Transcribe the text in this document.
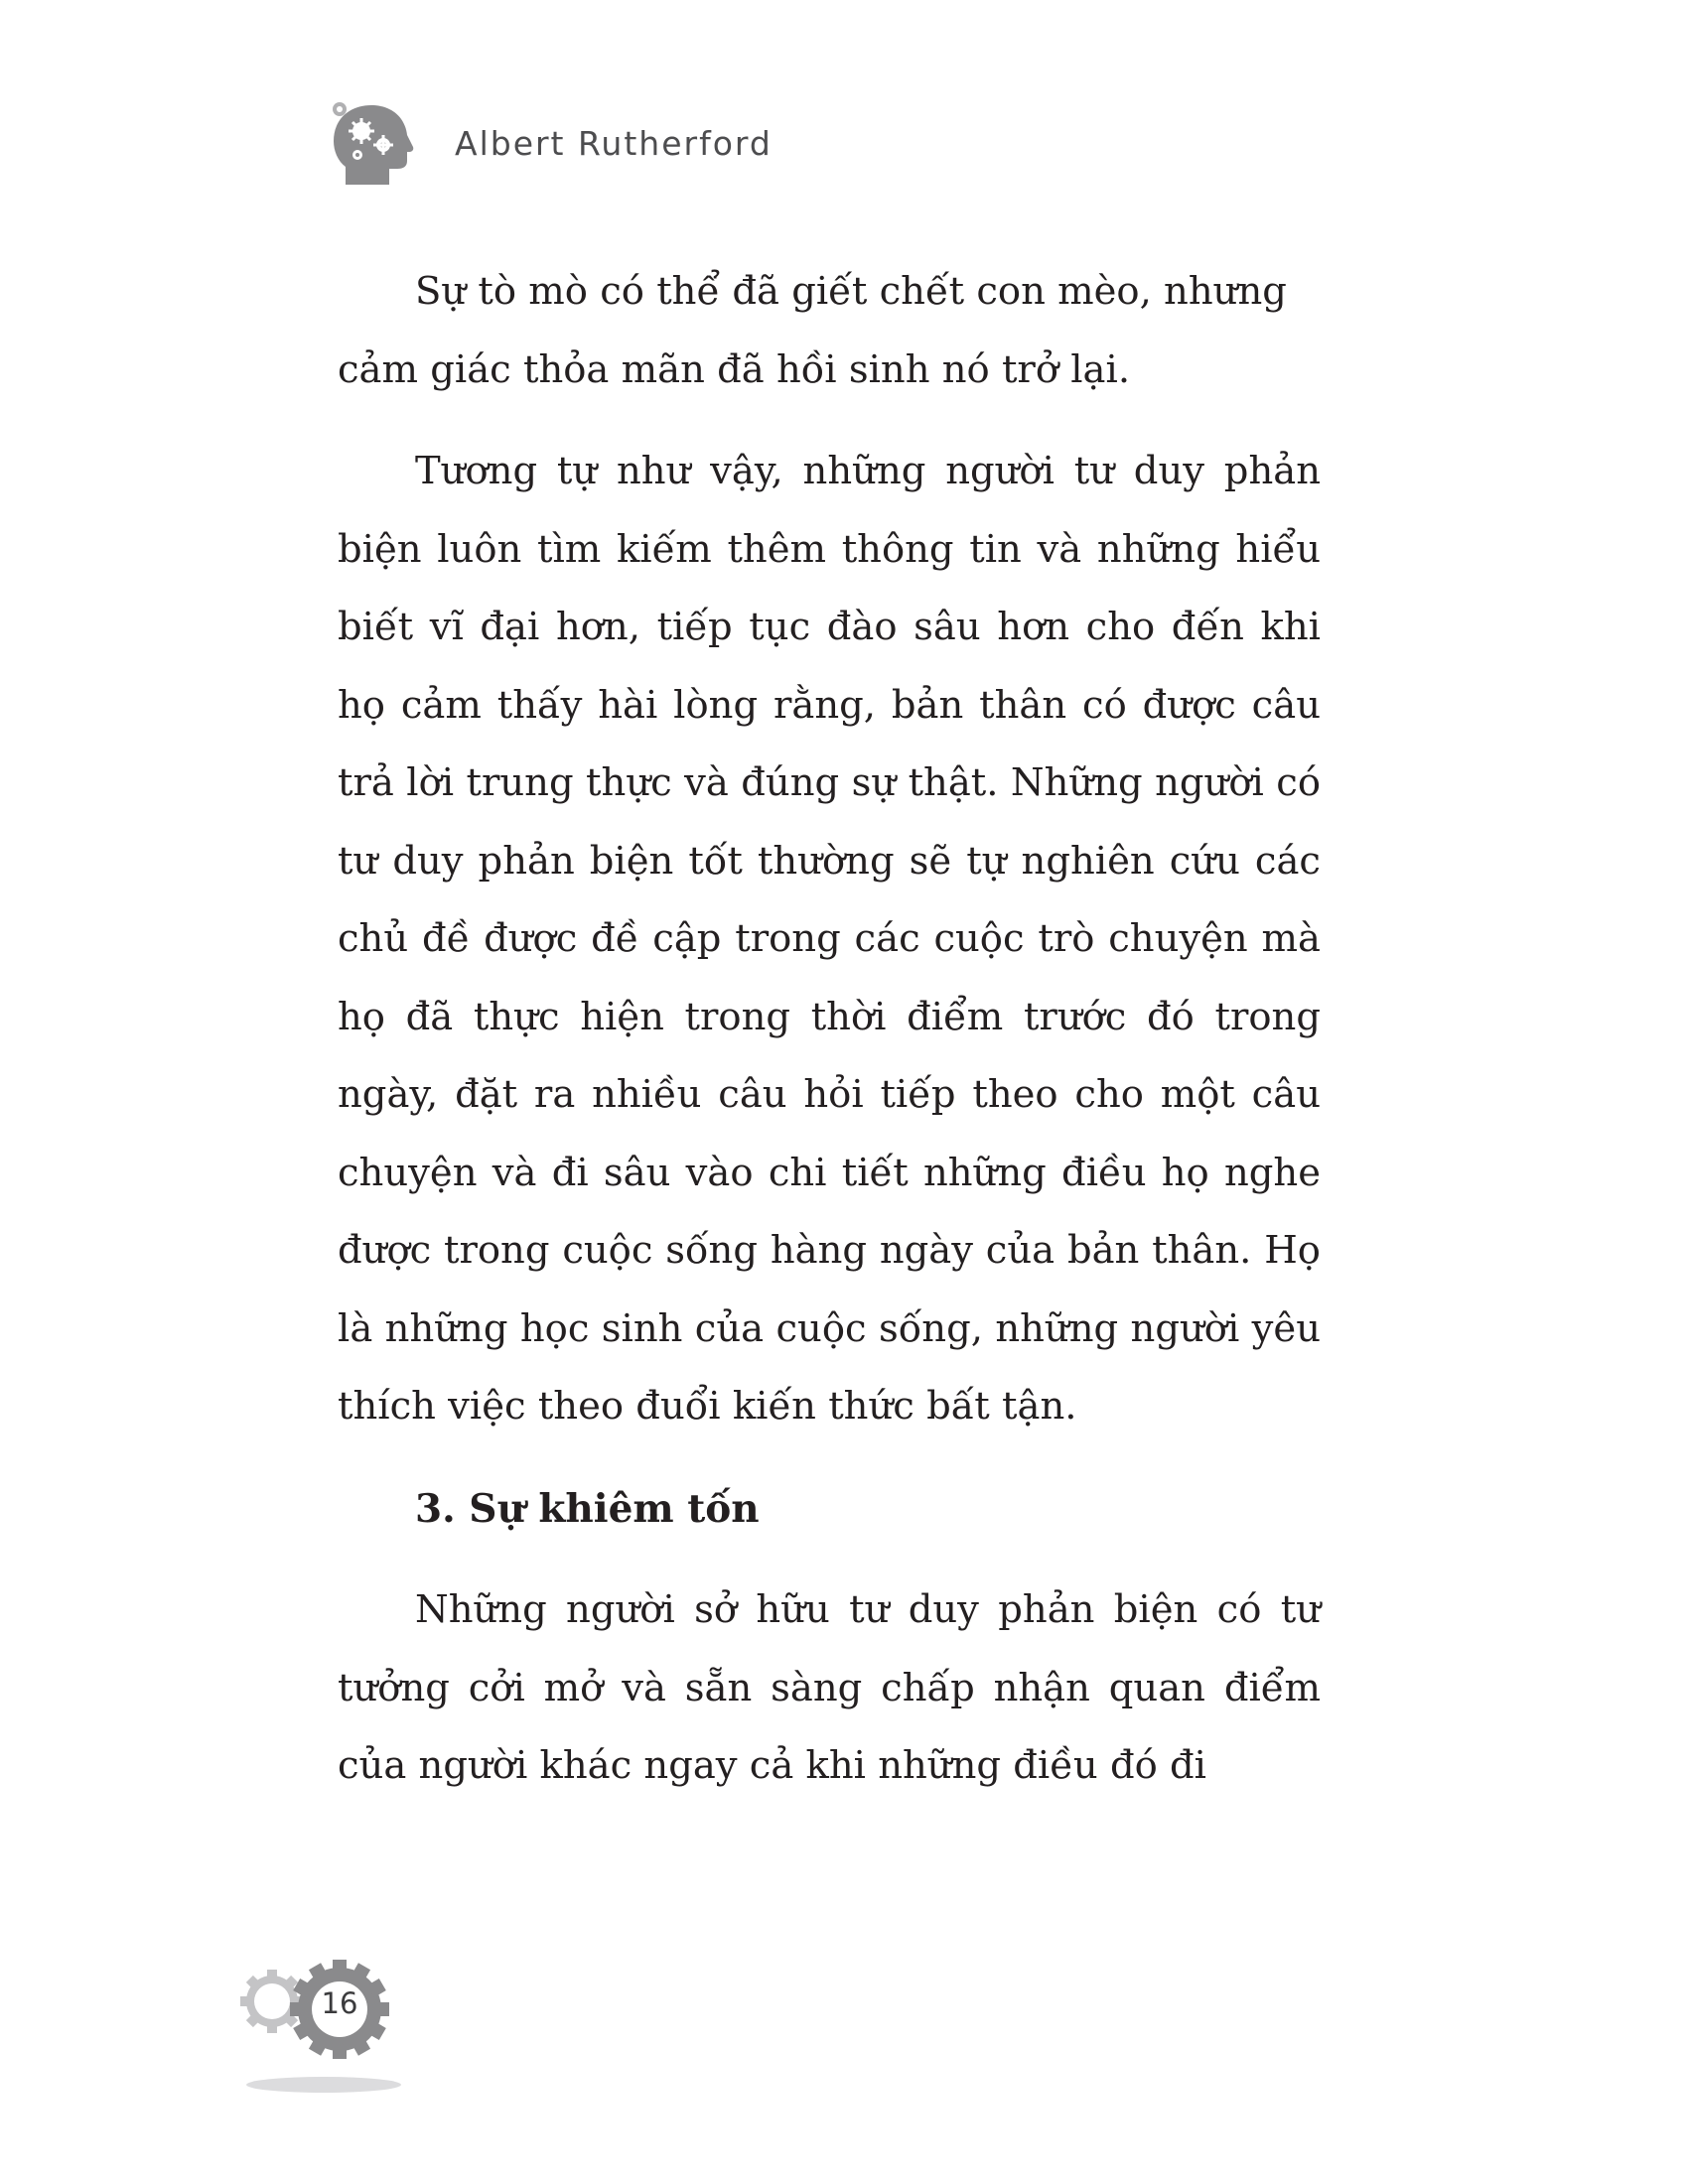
Albert Rutherford

Sự tò mò có thể đã giết chết con mèo, nhưng cảm giác thỏa mãn đã hồi sinh nó trở lại.

Tương tự như vậy, những người tư duy phản biện luôn tìm kiếm thêm thông tin và những hiểu biết vĩ đại hơn, tiếp tục đào sâu hơn cho đến khi họ cảm thấy hài lòng rằng, bản thân có được câu trả lời trung thực và đúng sự thật. Những người có tư duy phản biện tốt thường sẽ tự nghiên cứu các chủ đề được đề cập trong các cuộc trò chuyện mà họ đã thực hiện trong thời điểm trước đó trong ngày, đặt ra nhiều câu hỏi tiếp theo cho một câu chuyện và đi sâu vào chi tiết những điều họ nghe được trong cuộc sống hàng ngày của bản thân. Họ là những học sinh của cuộc sống, những người yêu thích việc theo đuổi kiến thức bất tận.

3. Sự khiêm tốn

Những người sở hữu tư duy phản biện có tư tưởng cởi mở và sẵn sàng chấp nhận quan điểm của người khác ngay cả khi những điều đó đi

16
